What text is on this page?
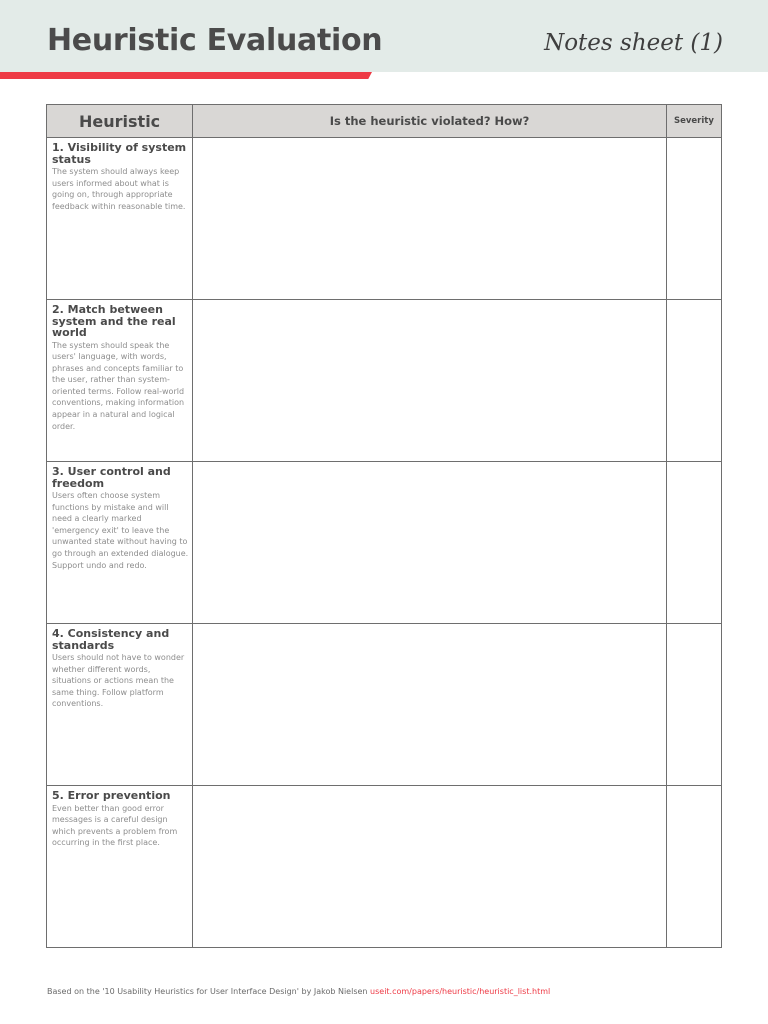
Heuristic Evaluation	Notes sheet (1)
Heuristic	Is the heuristic violated? How?	Severity

1. Visibility of system status

The system should always keep users informed about what is going on, through appropriate feedback within reasonable time.		

2. Match between system and the real world

The system should speak the users' language, with words, phrases and concepts familiar to the user, rather than system-oriented terms. Follow real-world conventions, making information appear in a natural and logical order.		

3. User control and freedom

Users often choose system functions by mistake and will need a clearly marked 'emergency exit' to leave the unwanted state without having to go through an extended dialogue. Support undo and redo.		

4. Consistency and standards

Users should not have to wonder whether different words, situations or actions mean the same thing. Follow platform conventions.		

5. Error prevention

Even better than good error messages is a careful design which prevents a problem from occurring in the first place.		

Based on the '10 Usability Heuristics for User Interface Design' by Jakob Nielsen useit.com/papers/heuristic/heuristic_list.html
